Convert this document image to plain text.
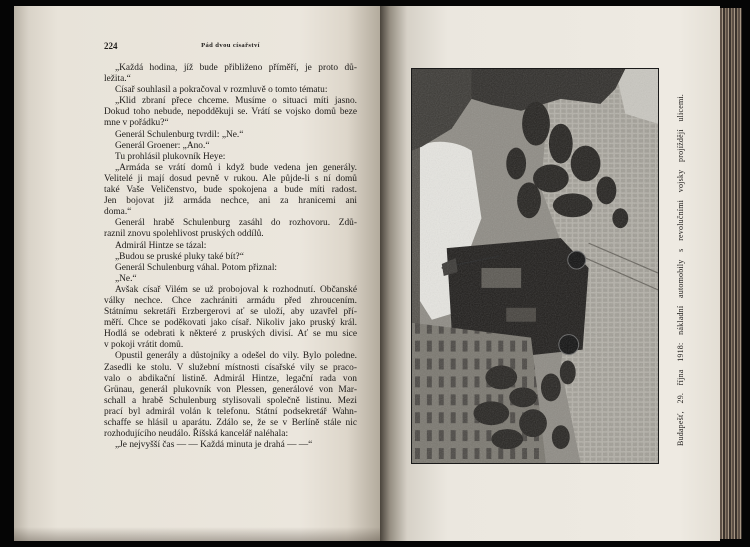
224	Pád dvou císařství
„Každá hodina, jíž bude přibliženo příměří, je proto dů-
ležita.“
Císař souhlasil a pokračoval v rozmluvě o tomto tématu:
„Klid zbraní přece chceme. Musíme o situaci míti jasno.
Dokud toho nebude, nepodděkuji se. Vrátí se vojsko domů beze
mne v pořádku?“
Generál Schulenburg tvrdil: „Ne.“
Generál Groener: „Ano.“
Tu prohlásil plukovník Heye:
„Armáda se vrátí domů i když bude vedena jen generály.
Velitelé ji mají dosud pevně v rukou. Ale půjde-li s ní domů
také Vaše Veličenstvo, bude spokojena a bude míti radost.
Jen bojovat již armáda nechce, ani za hranicemi ani
doma.“
Generál hrabě Schulenburg zasáhl do rozhovoru. Zdů-
raznil znovu spolehlivost pruských oddílů.
Admirál Hintze se tázal:
„Budou se pruské pluky také bít?“
Generál Schulenburg váhal. Potom přiznal:
„Ne.“
Avšak císař Vilém se už probojoval k rozhodnutí. Občanské
války nechce. Chce zachrániti armádu před zhroucením.
Státnímu sekretáři Erzbergerovi ať se uloží, aby uzavřel pří-
měří. Chce se poděkovati jako císař. Nikoliv jako pruský král.
Hodlá se odebrati k některé z pruských divisí. Ať se mu sice
v pokoji vrátit domů.
Opustil generály a důstojníky a odešel do vily. Bylo poledne.
Zasedli ke stolu. V služební místnosti císařské vily se praco-
valo o abdikační listině. Admirál Hintze, legační rada von
Grünau, generál plukovník von Plessen, generálové von Mar-
schall a hrabě Schulenburg stylisovali společně listinu. Mezi
prací byl admirál volán k telefonu. Státní podsekretář Wahn-
schaffe se hlásil u aparátu. Zdálo se, že se v Berlíně stále nic
rozhodujícího neudálo. Říšská kancelář naléhala:
„Je nejvyšší čas — — Každá minuta je drahá — —“	Budapešť, 29. října 1918: nákladní automobily s revolučními vojsky projíždějí ulicemi.
